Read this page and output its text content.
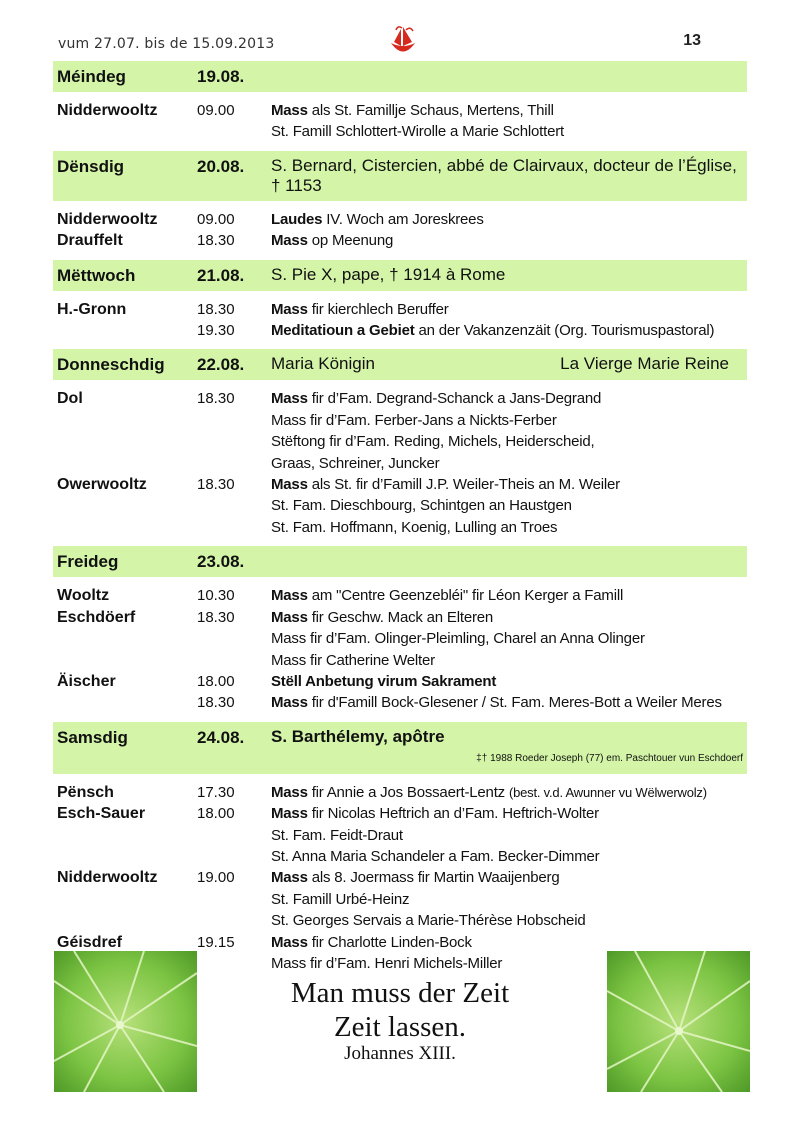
vum 27.07. bis de 15.09.2013	13
Méindeg	19.08.
Nidderwooltz	09.00	Mass als St. Famillje Schaus, Mertens, Thill
St. Famill Schlottert-Wirolle a Marie Schlottert
Dënsdig	20.08.	S. Bernard, Cistercien, abbé de Clairvaux, docteur de l’Église, † 1153
Nidderwooltz	09.00	Laudes IV. Woch am Joreskrees
Drauffelt	18.30	Mass op Meenung
Mëttwoch	21.08.	S. Pie X, pape, † 1914 à Rome
H.-Gronn	18.30	Mass fir kierchlech Beruffer
19.30	Meditatioun a Gebiet an der Vakanzenzäit (Org. Tourismuspastoral)
Donneschdig	22.08.	Maria Königin	La Vierge Marie Reine
Dol	18.30	Mass fir d’Fam. Degrand-Schanck a Jans-Degrand
Mass fir d’Fam. Ferber-Jans a Nickts-Ferber
Stëftong fir d’Fam. Reding, Michels, Heiderscheid,
Graas, Schreiner, Juncker
Owerwooltz	18.30	Mass als St. fir d’Famill J.P. Weiler-Theis an M. Weiler
St. Fam. Dieschbourg, Schintgen an Haustgen
St. Fam. Hoffmann, Koenig, Lulling an Troes
Freideg	23.08.
Wooltz	10.30	Mass am "Centre Geenzebléi" fir Léon Kerger a Famill
Eschdöerf	18.30	Mass fir Geschw. Mack an Elteren
Mass fir d’Fam. Olinger-Pleimling, Charel an Anna Olinger
Mass fir Catherine Welter
Äischer	18.00	Stëll Anbetung virum Sakrament
18.30	Mass fir d'Famill Bock-Glesener / St. Fam. Meres-Bott a Weiler Meres
Samsdig	24.08.	S. Barthélemy, apôtre
‡† 1988 Roeder Joseph (77) em. Paschtouer vun Eschdoerf
Pënsch	17.30	Mass fir Annie a Jos Bossaert-Lentz (best. v.d. Awunner vu Wëlwerwolz)
Esch-Sauer	18.00	Mass fir Nicolas Heftrich an d’Fam. Heftrich-Wolter
St. Fam. Feidt-Draut
St. Anna Maria Schandeler a Fam. Becker-Dimmer
Nidderwooltz	19.00	Mass als 8. Joermass fir Martin Waaijenberg
St. Famill Urbé-Heinz
St. Georges Servais a Marie-Thérèse Hobscheid
Géisdref	19.15	Mass fir Charlotte Linden-Bock
Mass fir d’Fam. Henri Michels-Miller
Man muss der Zeit
Zeit lassen.
Johannes XIII.
